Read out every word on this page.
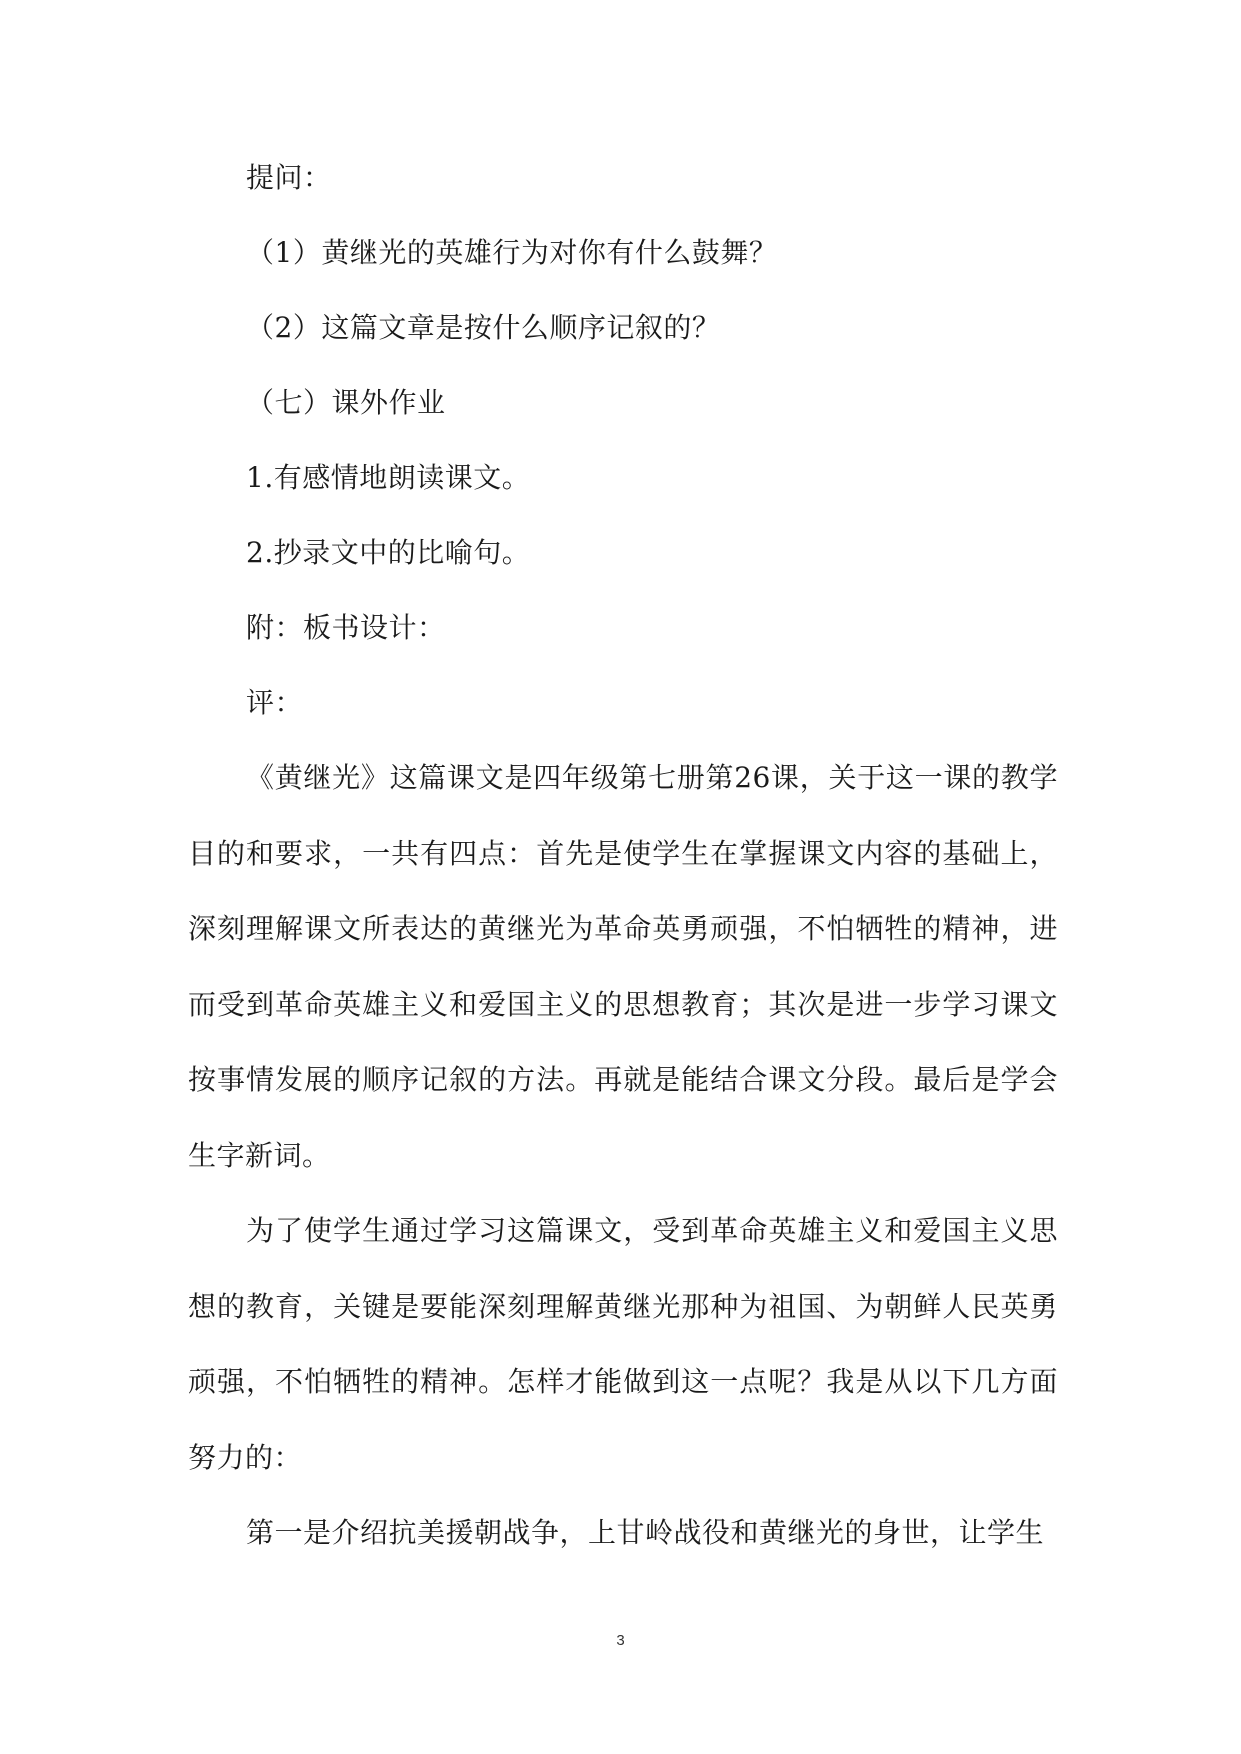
提问：
（1）黄继光的英雄行为对你有什么鼓舞？
（2）这篇文章是按什么顺序记叙的？
（七）课外作业
1.有感情地朗读课文。
2.抄录文中的比喻句。
附：板书设计：
评：
《黄继光》这篇课文是四年级第七册第26课，关于这一课的教学目的和要求，一共有四点：首先是使学生在掌握课文内容的基础上，深刻理解课文所表达的黄继光为革命英勇顽强，不怕牺牲的精神，进而受到革命英雄主义和爱国主义的思想教育；其次是进一步学习课文按事情发展的顺序记叙的方法。再就是能结合课文分段。最后是学会生字新词。
为了使学生通过学习这篇课文，受到革命英雄主义和爱国主义思想的教育，关键是要能深刻理解黄继光那种为祖国、为朝鲜人民英勇顽强，不怕牺牲的精神。怎样才能做到这一点呢？我是从以下几方面努力的：
第一是介绍抗美援朝战争，上甘岭战役和黄继光的身世，让学生
3
